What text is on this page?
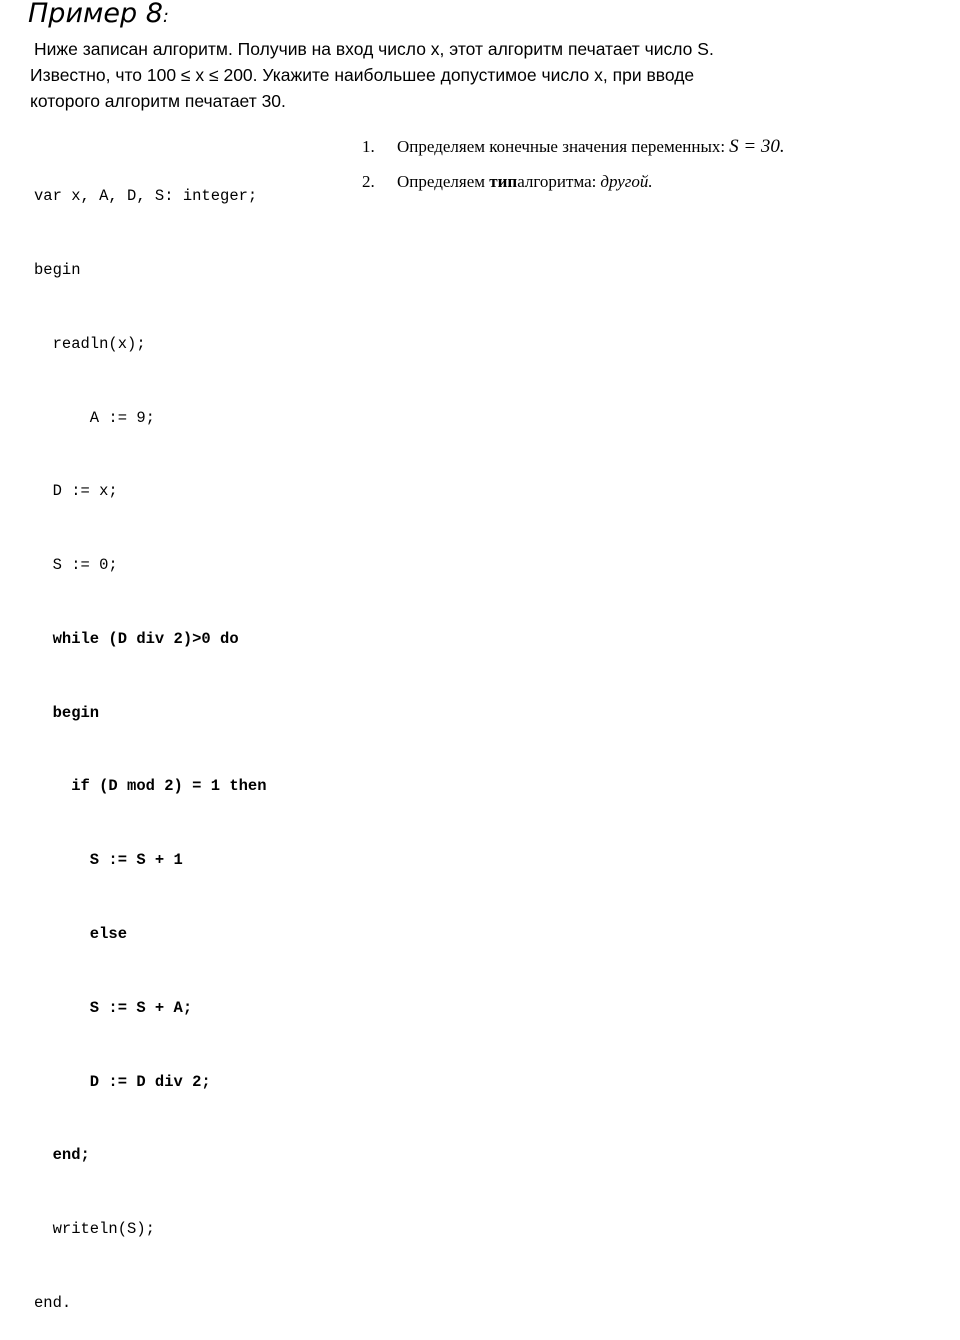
Пример 8:
Ниже записан алгоритм. Получив на вход число x, этот алгоритм печатает число S.
Известно, что 100 ≤ x ≤ 200. Укажите наибольшее допустимое число x, при вводе
которого алгоритм печатает 30.

var x, A, D, S: integer;

begin

readln(x);

A := 9;

D := x;

S := 0;

while (D div 2)>0 do

begin

if (D mod 2) = 1 then

S := S + 1

else

S := S + A;

D := D div 2;

end;

writeln(S);

end.

1.	Определяем конечные значения переменных: S = 30.
2.	Определяем
тип алгоритма: другой.
